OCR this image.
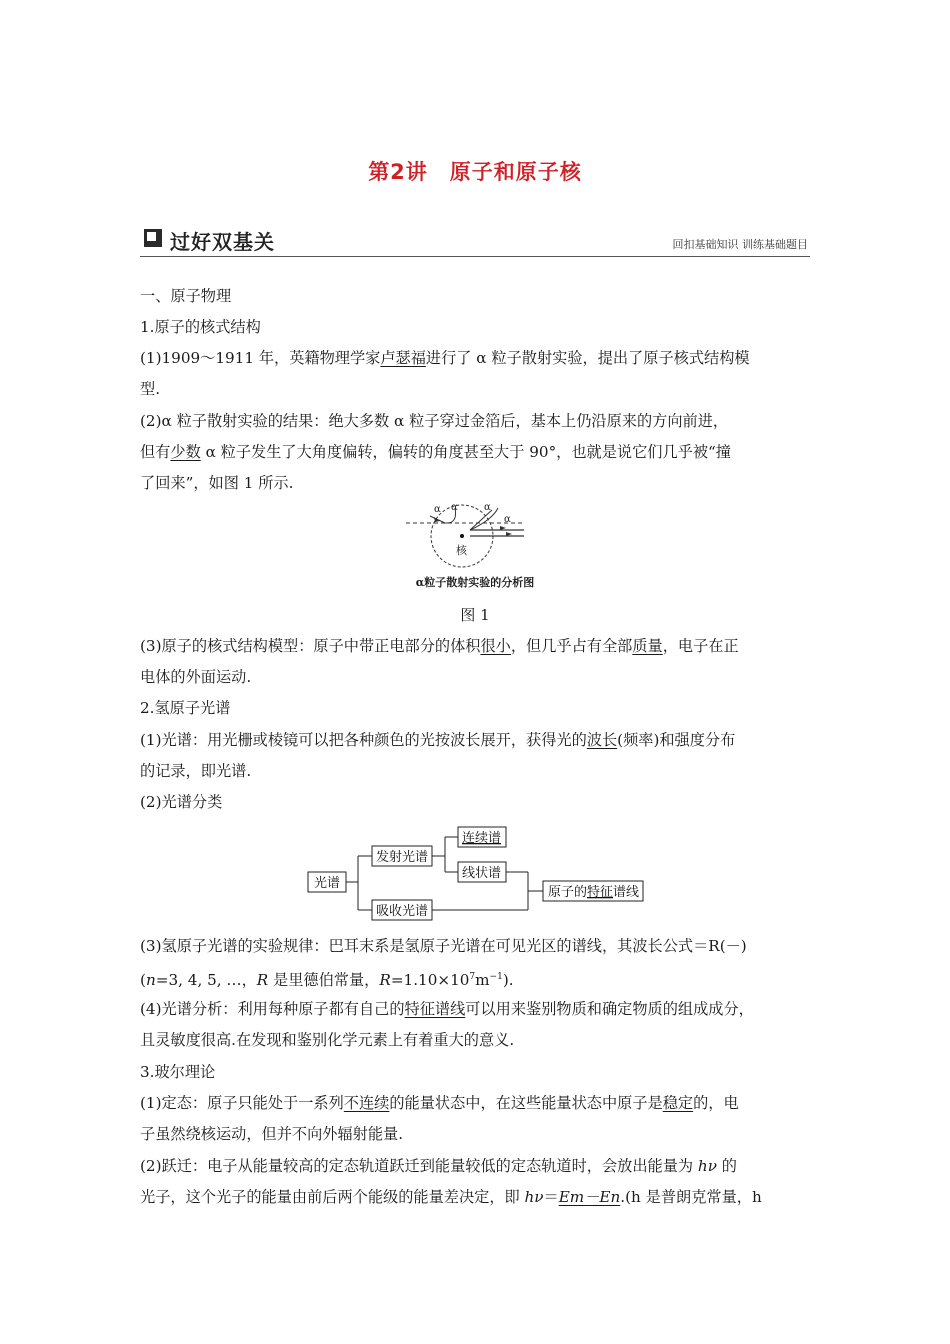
第2讲　原子和原子核
过好双基关	回扣基础知识 训练基础题目
一、原子物理
1.原子的核式结构
(1)1909～1911 年，英籍物理学家卢瑟福进行了 α 粒子散射实验，提出了原子核式结构模
型.
(2)α 粒子散射实验的结果：绝大多数 α 粒子穿过金箔后，基本上仍沿原来的方向前进，
但有少数 α 粒子发生了大角度偏转，偏转的角度甚至大于 90°，也就是说它们几乎被“撞
了回来”，如图 1 所示.
α α	α
α
核
α粒子散射实验的分析图
图 1
(3)原子的核式结构模型：原子中带正电部分的体积很小，但几乎占有全部质量，电子在正
电体的外面运动.
2.氢原子光谱
(1)光谱：用光栅或棱镜可以把各种颜色的光按波长展开，获得光的波长(频率)和强度分布
的记录，即光谱.
(2)光谱分类
光谱
发射光谱
吸收光谱
连续谱
线状谱
原子的特征谱线
(3)氢原子光谱的实验规律：巴耳末系是氢原子光谱在可见光区的谱线，其波长公式＝R(－)
(n=3, 4, 5, …，R 是里德伯常量，$R=1.10\times 10^7m^{-1}$).
(4)光谱分析：利用每种原子都有自己的特征谱线可以用来鉴别物质和确定物质的组成成分，
且灵敏度很高.在发现和鉴别化学元素上有着重大的意义.
3.玻尔理论
(1)定态：原子只能处于一系列不连续的能量状态中，在这些能量状态中原子是稳定的，电
子虽然绕核运动，但并不向外辐射能量.
(2)跃迁：电子从能量较高的定态轨道跃迁到能量较低的定态轨道时，会放出能量为 hν 的
光子，这个光子的能量由前后两个能级的能量差决定，即 hν＝Em－En.(h 是普朗克常量，h
